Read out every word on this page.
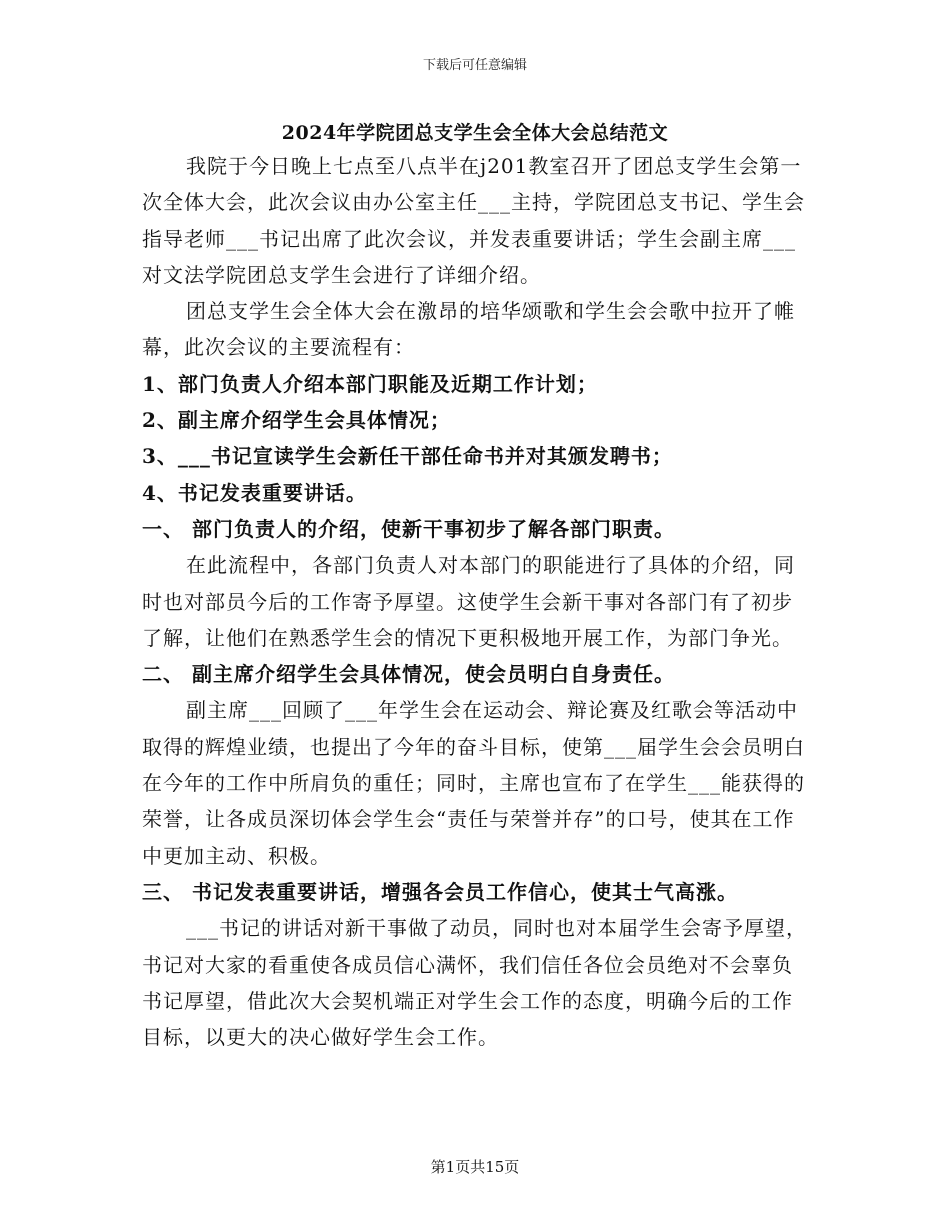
下载后可任意编辑
2024年学院团总支学生会全体大会总结范文

我院于今日晚上七点至八点半在j201教室召开了团总支学生会第一次全体大会，此次会议由办公室主任___主持，学院团总支书记、学生会指导老师___书记出席了此次会议，并发表重要讲话；学生会副主席___对文法学院团总支学生会进行了详细介绍。

团总支学生会全体大会在激昂的培华颂歌和学生会会歌中拉开了帷幕，此次会议的主要流程有：

1、部门负责人介绍本部门职能及近期工作计划；

2、副主席介绍学生会具体情况；

3、___书记宣读学生会新任干部任命书并对其颁发聘书；

4、书记发表重要讲话。

一、 部门负责人的介绍，使新干事初步了解各部门职责。

在此流程中，各部门负责人对本部门的职能进行了具体的介绍，同时也对部员今后的工作寄予厚望。这使学生会新干事对各部门有了初步了解，让他们在熟悉学生会的情况下更积极地开展工作，为部门争光。

二、 副主席介绍学生会具体情况，使会员明白自身责任。

副主席___回顾了___年学生会在运动会、辩论赛及红歌会等活动中取得的辉煌业绩，也提出了今年的奋斗目标，使第___届学生会会员明白在今年的工作中所肩负的重任；同时，主席也宣布了在学生___能获得的荣誉，让各成员深切体会学生会“责任与荣誉并存”的口号，使其在工作中更加主动、积极。

三、 书记发表重要讲话，增强各会员工作信心，使其士气高涨。

___书记的讲话对新干事做了动员，同时也对本届学生会寄予厚望，书记对大家的看重使各成员信心满怀，我们信任各位会员绝对不会辜负书记厚望，借此次大会契机端正对学生会工作的态度，明确今后的工作目标，以更大的决心做好学生会工作。

第1页共15页
